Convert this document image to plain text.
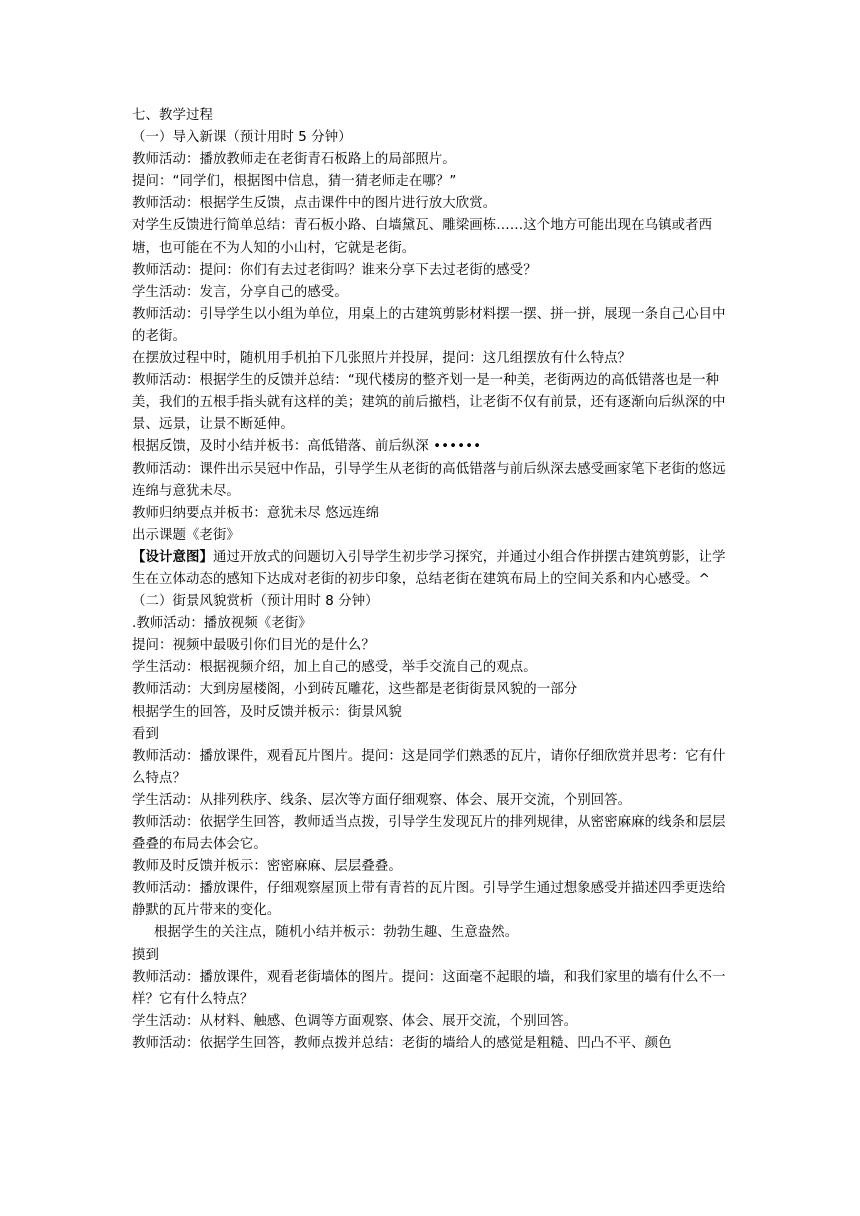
七、教学过程

（一）导入新课（预计用时 5 分钟）

教师活动：播放教师走在老街青石板路上的局部照片。

提问：“同学们，根据图中信息，猜一猜老师走在哪？”

教师活动：根据学生反馈，点击课件中的图片进行放大欣赏。

对学生反馈进行简单总结：青石板小路、白墙黛瓦、雕梁画栋……这个地方可能出现在乌镇或者西塘，也可能在不为人知的小山村，它就是老街。

教师活动：提问：你们有去过老街吗？谁来分享下去过老街的感受？

学生活动：发言，分享自己的感受。

教师活动：引导学生以小组为单位，用桌上的古建筑剪影材料摆一摆、拼一拼，展现一条自己心目中的老街。

在摆放过程中时，随机用手机拍下几张照片并投屏，提问：这几组摆放有什么特点？

教师活动：根据学生的反馈并总结：“现代楼房的整齐划一是一种美，老街两边的高低错落也是一种美，我们的五根手指头就有这样的美；建筑的前后撤档，让老街不仅有前景，还有逐渐向后纵深的中景、远景，让景不断延伸。

根据反馈，及时小结并板书：高低错落、前后纵深 ••••••

教师活动：课件出示吴冠中作品，引导学生从老街的高低错落与前后纵深去感受画家笔下老街的悠远连绵与意犹未尽。

教师归纳要点并板书：意犹未尽 悠远连绵

出示课题《老街》

【设计意图】通过开放式的问题切入引导学生初步学习探究，并通过小组合作拼摆古建筑剪影，让学生在立体动态的感知下达成对老街的初步印象，总结老街在建筑布局上的空间关系和内心感受。^

（二）街景风貌赏析（预计用时 8 分钟）

.教师活动：播放视频《老街》

提问：视频中最吸引你们目光的是什么？

学生活动：根据视频介绍，加上自己的感受，举手交流自己的观点。

教师活动：大到房屋楼阁，小到砖瓦雕花，这些都是老街街景风貌的一部分

根据学生的回答，及时反馈并板示：街景风貌

看到

教师活动：播放课件，观看瓦片图片。提问：这是同学们熟悉的瓦片，请你仔细欣赏并思考：它有什么特点？

学生活动：从排列秩序、线条、层次等方面仔细观察、体会、展开交流，个别回答。

教师活动：依据学生回答，教师适当点拨，引导学生发现瓦片的排列规律，从密密麻麻的线条和层层叠叠的布局去体会它。

教师及时反馈并板示：密密麻麻、层层叠叠。

教师活动：播放课件，仔细观察屋顶上带有青苔的瓦片图。引导学生通过想象感受并描述四季更迭给静默的瓦片带来的变化。

根据学生的关注点，随机小结并板示：勃勃生趣、生意盎然。

摸到

教师活动：播放课件，观看老街墙体的图片。提问：这面毫不起眼的墙，和我们家里的墙有什么不一样？它有什么特点？

学生活动：从材料、触感、色调等方面观察、体会、展开交流，个别回答。

教师活动：依据学生回答，教师点拨并总结：老街的墙给人的感觉是粗糙、凹凸不平、颜色
